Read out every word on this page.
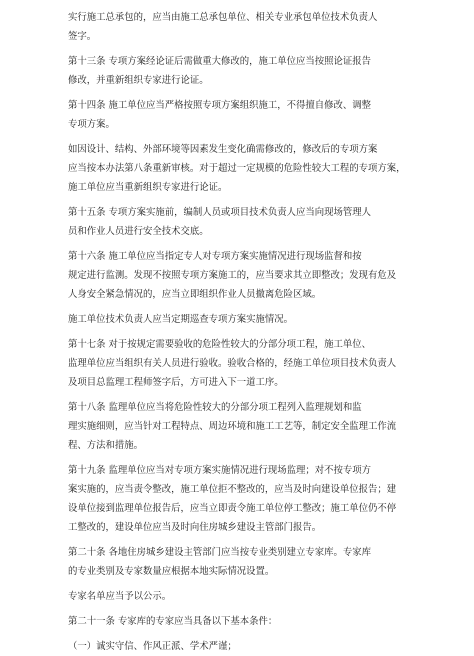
实行施工总承包的，应当由施工总承包单位、相关专业承包单位技术负责人
签字。
第十三条 专项方案经论证后需做重大修改的，施工单位应当按照论证报告
修改，并重新组织专家进行论证。
第十四条 施工单位应当严格按照专项方案组织施工，不得擅自修改、调整
专项方案。
如因设计、结构、外部环境等因素发生变化确需修改的，修改后的专项方案
应当按本办法第八条重新审核。对于超过一定规模的危险性较大工程的专项方案，
施工单位应当重新组织专家进行论证。
第十五条 专项方案实施前，编制人员或项目技术负责人应当向现场管理人
员和作业人员进行安全技术交底。
第十六条 施工单位应当指定专人对专项方案实施情况进行现场监督和按
规定进行监测。发现不按照专项方案施工的，应当要求其立即整改；发现有危及
人身安全紧急情况的，应当立即组织作业人员撤离危险区域。
施工单位技术负责人应当定期巡查专项方案实施情况。
第十七条 对于按规定需要验收的危险性较大的分部分项工程，施工单位、
监理单位应当组织有关人员进行验收。验收合格的，经施工单位项目技术负责人
及项目总监理工程师签字后，方可进入下一道工序。
第十八条 监理单位应当将危险性较大的分部分项工程列入监理规划和监
理实施细则，应当针对工程特点、周边环境和施工工艺等，制定安全监理工作流
程、方法和措施。
第十九条 监理单位应当对专项方案实施情况进行现场监理；对不按专项方
案实施的，应当责令整改，施工单位拒不整改的，应当及时向建设单位报告；建
设单位接到监理单位报告后，应当立即责令施工单位停工整改；施工单位仍不停
工整改的，建设单位应当及时向住房城乡建设主管部门报告。
第二十条 各地住房城乡建设主管部门应当按专业类别建立专家库。专家库
的专业类别及专家数量应根据本地实际情况设置。
专家名单应当予以公示。
第二十一条 专家库的专家应当具备以下基本条件：
（一）诚实守信、作风正派、学术严谨；
